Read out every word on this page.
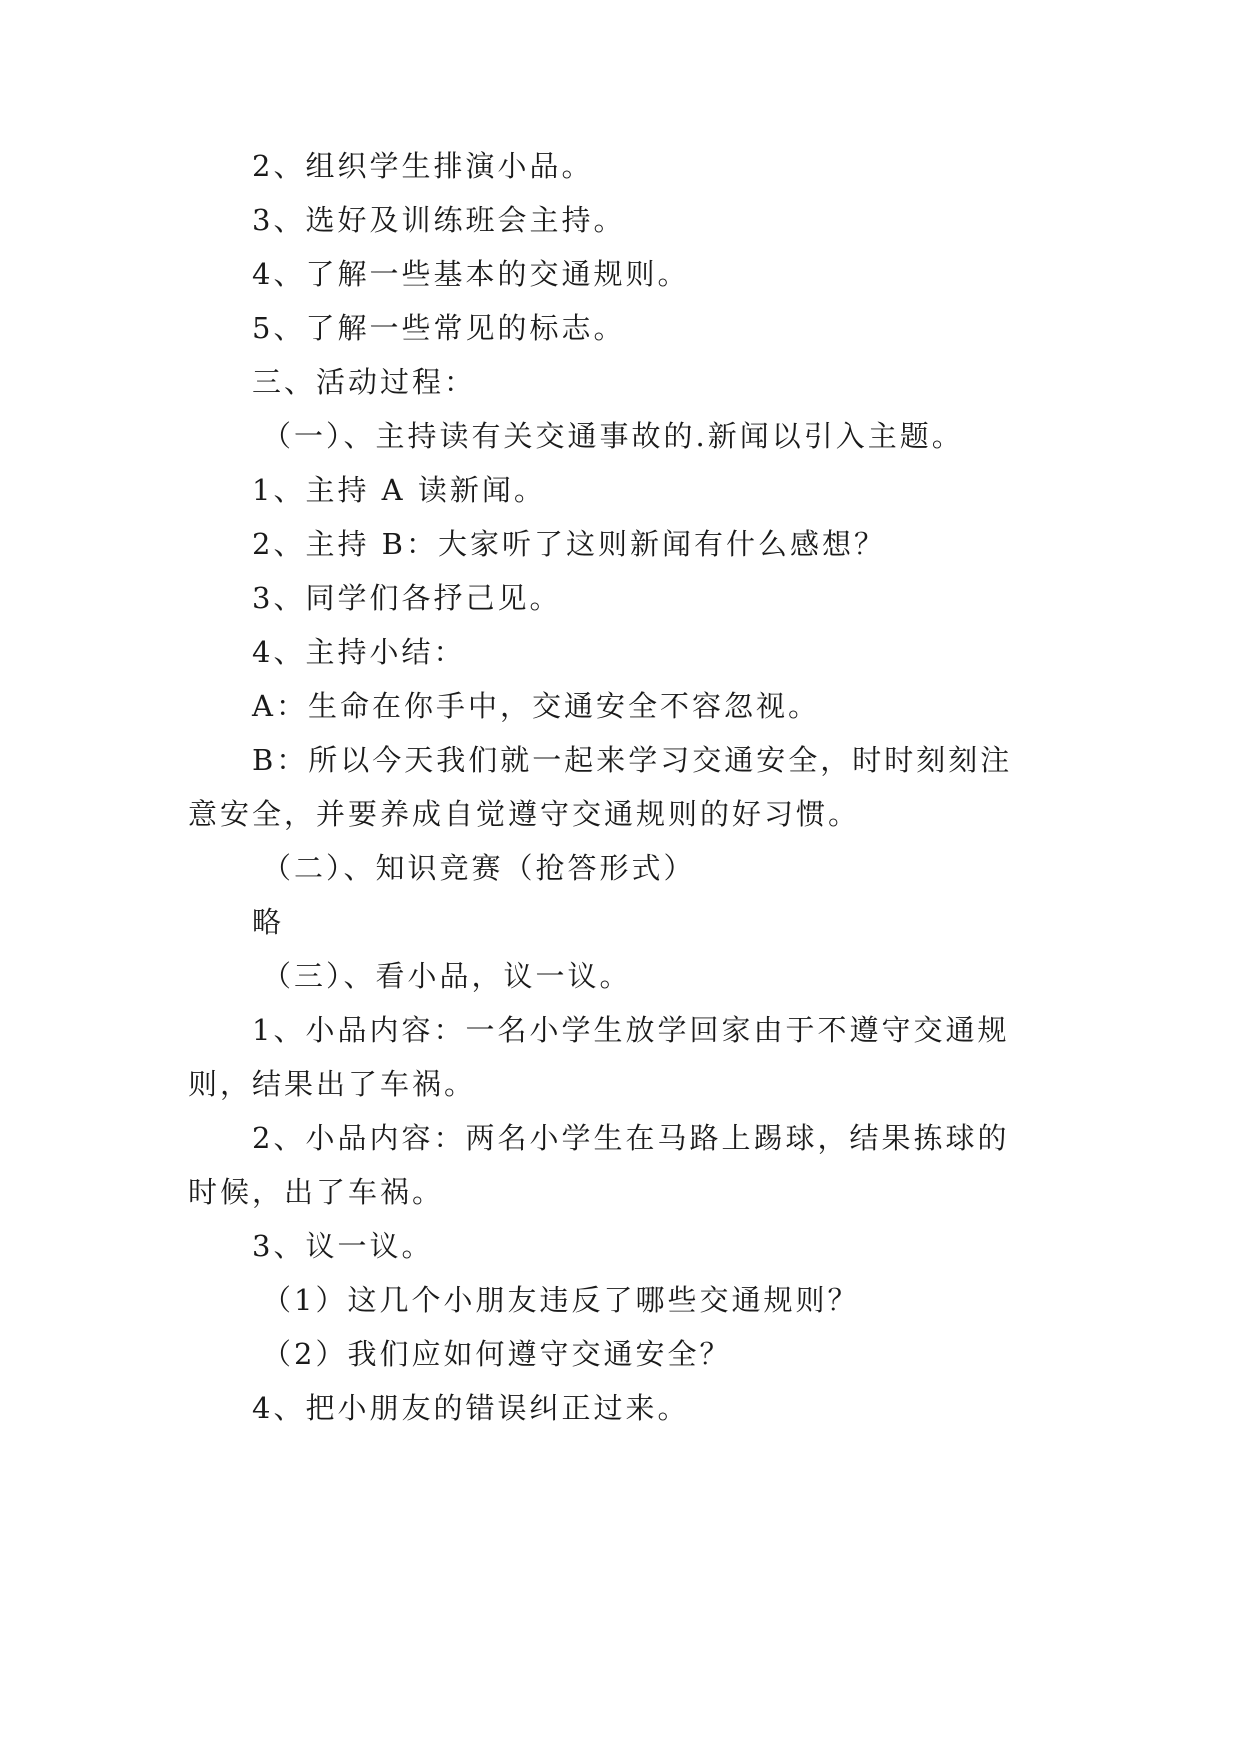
2、组织学生排演小品。
3、选好及训练班会主持。
4、了解一些基本的交通规则。
5、了解一些常见的标志。
三、活动过程：
（一）、主持读有关交通事故的.新闻以引入主题。
1、主持 A 读新闻。
2、主持 B：大家听了这则新闻有什么感想？
3、同学们各抒己见。
4、主持小结：
A：生命在你手中，交通安全不容忽视。
B：所以今天我们就一起来学习交通安全，时时刻刻注
意安全，并要养成自觉遵守交通规则的好习惯。
（二）、知识竞赛（抢答形式）
略
（三）、看小品，议一议。
1、小品内容：一名小学生放学回家由于不遵守交通规
则，结果出了车祸。
2、小品内容：两名小学生在马路上踢球，结果拣球的
时候，出了车祸。
3、议一议。
（1）这几个小朋友违反了哪些交通规则？
（2）我们应如何遵守交通安全？
4、把小朋友的错误纠正过来。
